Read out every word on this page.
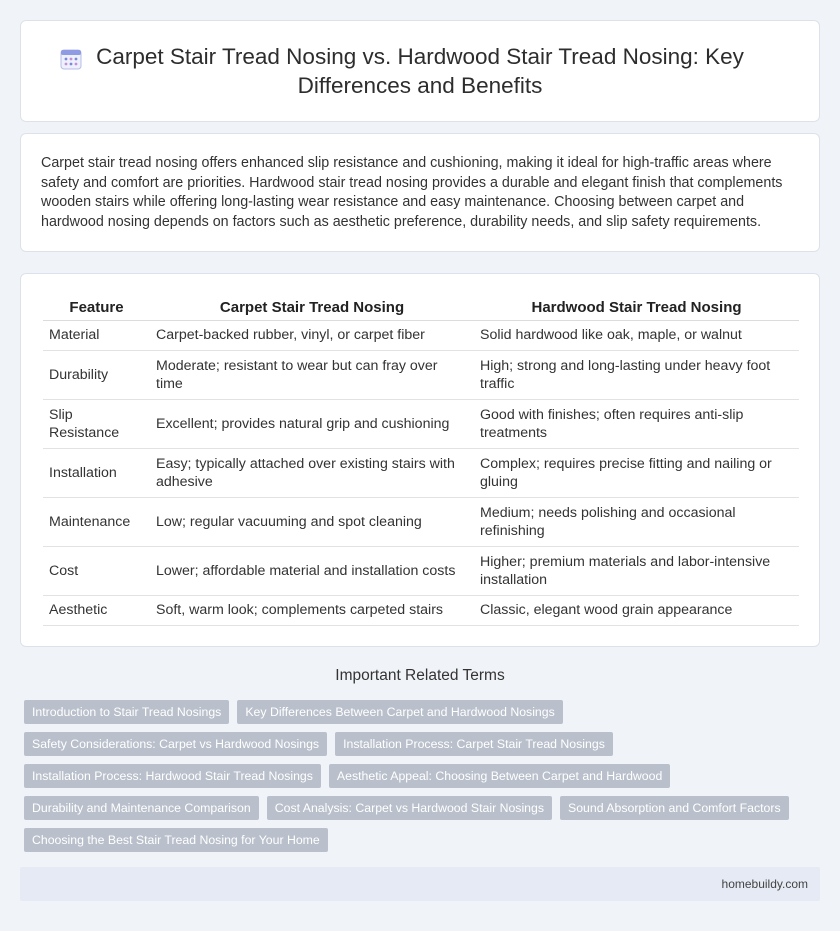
Carpet Stair Tread Nosing vs. Hardwood Stair Tread Nosing: Key Differences and Benefits

Carpet stair tread nosing offers enhanced slip resistance and cushioning, making it ideal for high-traffic areas where safety and comfort are priorities. Hardwood stair tread nosing provides a durable and elegant finish that complements wooden stairs while offering long-lasting wear resistance and easy maintenance. Choosing between carpet and hardwood nosing depends on factors such as aesthetic preference, durability needs, and slip safety requirements.

Feature	Carpet Stair Tread Nosing	Hardwood Stair Tread Nosing
Material	Carpet-backed rubber, vinyl, or carpet fiber	Solid hardwood like oak, maple, or walnut
Durability	Moderate; resistant to wear but can fray over time	High; strong and long-lasting under heavy foot traffic
Slip Resistance	Excellent; provides natural grip and cushioning	Good with finishes; often requires anti-slip treatments
Installation	Easy; typically attached over existing stairs with adhesive	Complex; requires precise fitting and nailing or gluing
Maintenance	Low; regular vacuuming and spot cleaning	Medium; needs polishing and occasional refinishing
Cost	Lower; affordable material and installation costs	Higher; premium materials and labor-intensive installation
Aesthetic	Soft, warm look; complements carpeted stairs	Classic, elegant wood grain appearance
Important Related Terms
Introduction to Stair Tread Nosings	Key Differences Between Carpet and Hardwood Nosings
Safety Considerations: Carpet vs Hardwood Nosings	Installation Process: Carpet Stair Tread Nosings
Installation Process: Hardwood Stair Tread Nosings	Aesthetic Appeal: Choosing Between Carpet and Hardwood
Durability and Maintenance Comparison	Cost Analysis: Carpet vs Hardwood Stair Nosings	Sound Absorption and Comfort Factors
Choosing the Best Stair Tread Nosing for Your Home
homebuildy.com
